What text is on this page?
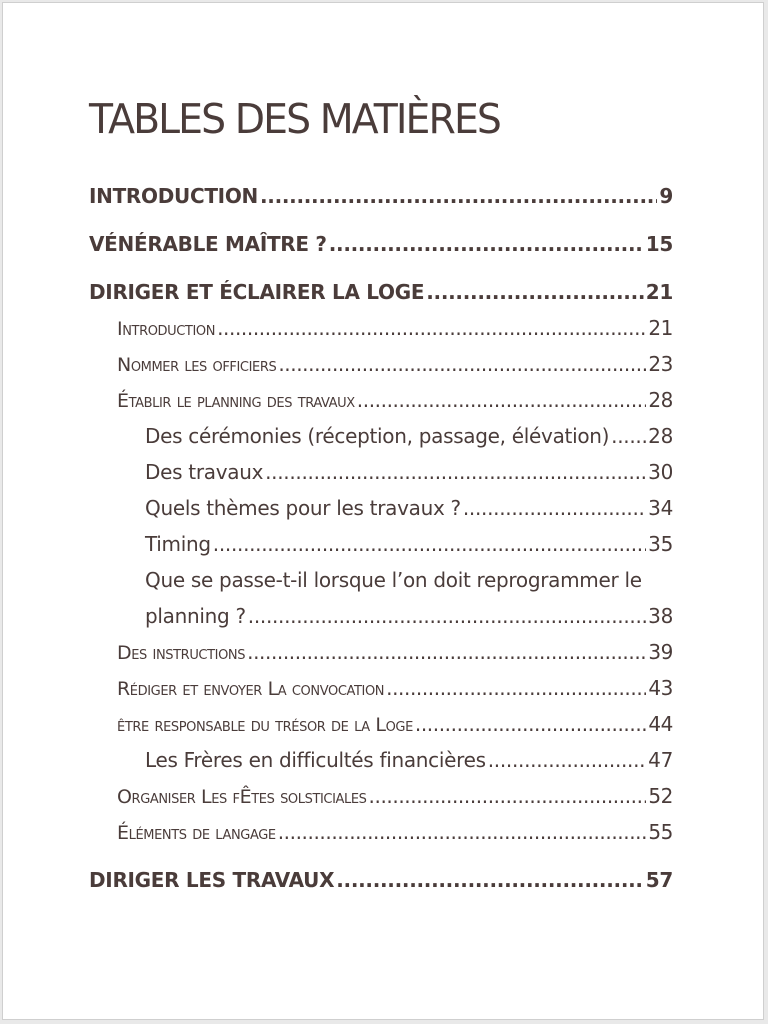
TABLES DES MATIÈRES
INTRODUCTION .....	9
VÉNÉRABLE MAÎTRE ? .....	15
DIRIGER ET ÉCLAIRER LA LOGE .....	21
Introduction .....	21
Nommer les officiers .....	23
Établir le planning des travaux .....	28
Des cérémonies (réception, passage, élévation) ..... 28
Des travaux .....	30
Quels thèmes pour les travaux ? .....	34
Timing .....	35
Que se passe-t-il lorsque l’on doit reprogrammer le
planning ? .....	38
Des instructions .....	39
Rédiger et envoyer La convocation .....	43
être responsable du trésor de la Loge .....	44
Les Frères en difficultés financières .....	47
Organiser Les fÊtes solsticiales .....	52
Éléments de langage .....	55
DIRIGER LES TRAVAUX .....	57
